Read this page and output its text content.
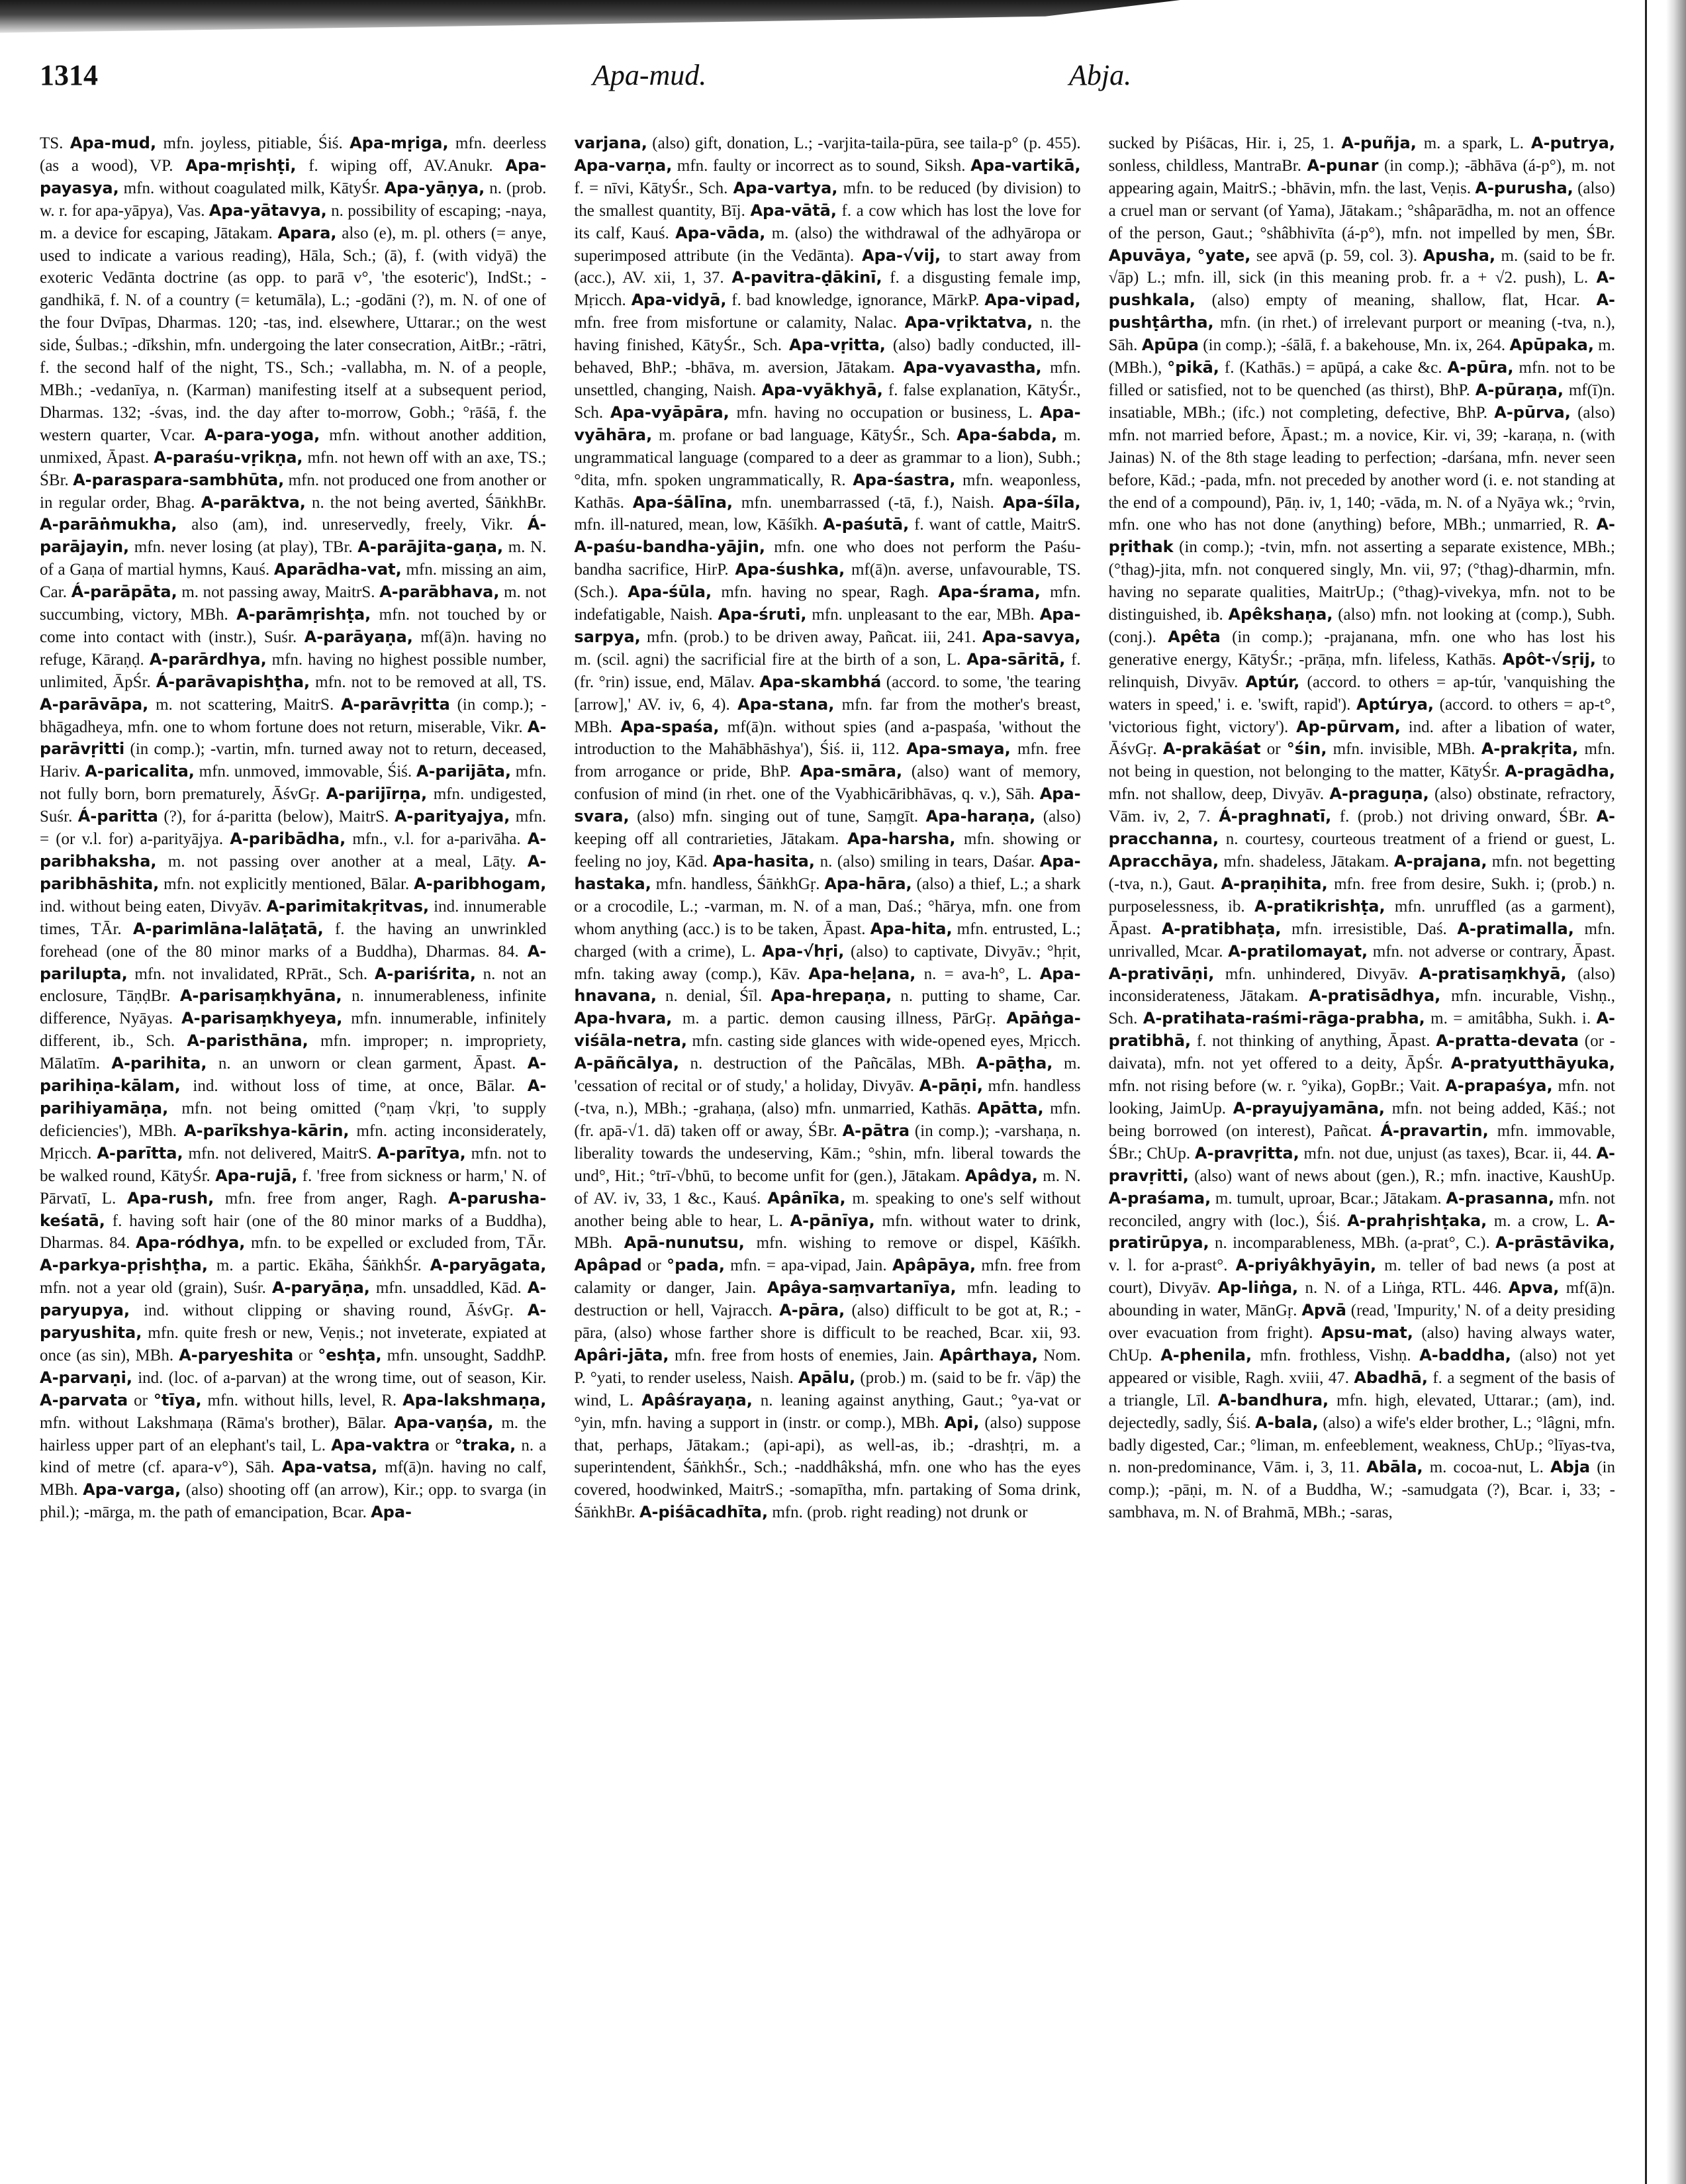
1314	Apa-mud.	Abja.
TS. Apa-mud, mfn. joyless, pitiable, Śiś. Apa-mṛiga, mfn. deerless (as a wood), VP. Apa-mṛishṭi, f. wiping off, AV.Anukr. Apa-payasya, mfn. without coagulated milk, KātyŚr. Apa-yāṇya, n. (prob. w. r. for apa-yāpya), Vas. Apa-yātavya, n. possibility of escaping; -naya, m. a device for escaping, Jātakam. Apara, also (e), m. pl. others (= anye, used to indicate a various reading), Hāla, Sch.; (ā), f. (with vidyā) the exoteric Vedānta doctrine (as opp. to parā v°, 'the esoteric'), IndSt.; -gandhikā, f. N. of a country (= ketumāla), L.; -godāni (?), m. N. of one of the four Dvīpas, Dharmas. 120; -tas, ind. elsewhere, Uttarar.; on the west side, Śulbas.; -dīkshin, mfn. undergoing the later consecration, AitBr.; -rātri, f. the second half of the night, TS., Sch.; -vallabha, m. N. of a people, MBh.; -vedanīya, n. (Karman) manifesting itself at a subsequent period, Dharmas. 132; -śvas, ind. the day after to-morrow, Gobh.; °rāśā, f. the western quarter, Vcar. A-para-yoga, mfn. without another addition, unmixed, Āpast. A-paraśu-vṛikṇa, mfn. not hewn off with an axe, TS.; ŚBr. A-paraspara-sambhūta, mfn. not produced one from another or in regular order, Bhag. A-parāktva, n. the not being averted, ŚāṅkhBr. A-parāṅmukha, also (am), ind. unreservedly, freely, Vikr. Á-parājayin, mfn. never losing (at play), TBr. A-parājita-gaṇa, m. N. of a Gaṇa of martial hymns, Kauś. Aparādha-vat, mfn. missing an aim, Car. Á-parāpāta, m. not passing away, MaitrS. A-parābhava, m. not succumbing, victory, MBh. A-parāmṛishṭa, mfn. not touched by or come into contact with (instr.), Suśr. A-parāyaṇa, mf(ā)n. having no refuge, Kāraṇḍ. A-parārdhya, mfn. having no highest possible number, unlimited, ĀpŚr. Á-parāvapishṭha, mfn. not to be removed at all, TS. A-parāvāpa, m. not scattering, MaitrS. A-parāvṛitta (in comp.); -bhāgadheya, mfn. one to whom fortune does not return, miserable, Vikr. A-parāvṛitti (in comp.); -vartin, mfn. turned away not to return, deceased, Hariv. A-paricalita, mfn. unmoved, immovable, Śiś. A-parijāta, mfn. not fully born, born prematurely, ĀśvGṛ. A-parijīrṇa, mfn. undigested, Suśr. Á-paritta (?), for á-paritta (below), MaitrS. A-parityajya, mfn. = (or v.l. for) a-parityājya. A-paribādha, mfn., v.l. for a-parivāha. A-paribhaksha, m. not passing over another at a meal, Lāṭy. A-paribhāshita, mfn. not explicitly mentioned, Bālar. A-paribhogam, ind. without being eaten, Divyāv. A-parimitakṛitvas, ind. innumerable times, TĀr. A-parimlāna-lalāṭatā, f. the having an unwrinkled forehead (one of the 80 minor marks of a Buddha), Dharmas. 84. A-parilupta, mfn. not invalidated, RPrāt., Sch. A-pariśrita, n. not an enclosure, TāṇḍBr. A-parisaṃkhyāna, n. innumerableness, infinite difference, Nyāyas. A-parisaṃkhyeya, mfn. innumerable, infinitely different, ib., Sch. A-paristhāna, mfn. improper; n. impropriety, Mālatīm. A-parihita, n. an unworn or clean garment, Āpast. A-parihiṇa-kālam, ind. without loss of time, at once, Bālar. A-parihiyamāṇa, mfn. not being omitted (°ṇaṃ √kṛi, 'to supply deficiencies'), MBh. A-parīkshya-kārin, mfn. acting inconsiderately, Mṛicch. A-parītta, mfn. not delivered, MaitrS. A-parītya, mfn. not to be walked round, KātyŚr. Apa-rujā, f. 'free from sickness or harm,' N. of Pārvatī, L. Apa-rush, mfn. free from anger, Ragh. A-parusha-keśatā, f. having soft hair (one of the 80 minor marks of a Buddha), Dharmas. 84. Apa-ródhya, mfn. to be expelled or excluded from, TĀr. A-parkya-pṛishṭha, m. a partic. Ekāha, ŚāṅkhŚr. A-paryāgata, mfn. not a year old (grain), Suśr. A-paryāṇa, mfn. unsaddled, Kād. A-paryupya, ind. without clipping or shaving round, ĀśvGṛ. A-paryushita, mfn. quite fresh or new, Veṇis.; not inveterate, expiated at once (as sin), MBh. A-paryeshita or °eshṭa, mfn. unsought, SaddhP. A-parvaṇi, ind. (loc. of a-parvan) at the wrong time, out of season, Kir. A-parvata or °tīya, mfn. without hills, level, R. Apa-lakshmaṇa, mfn. without Lakshmaṇa (Rāma's brother), Bālar. Apa-vaṇśa, m. the hairless upper part of an elephant's tail, L. Apa-vaktra or °traka, n. a kind of metre (cf. apara-v°), Sāh. Apa-vatsa, mf(ā)n. having no calf, MBh. Apa-varga, (also) shooting off (an arrow), Kir.; opp. to svarga (in phil.); -mārga, m. the path of emancipation, Bcar. Apa-
varjana, (also) gift, donation, L.; -varjita-taila-pūra, see taila-p° (p. 455). Apa-varṇa, mfn. faulty or incorrect as to sound, Siksh. Apa-vartikā, f. = nīvi, KātyŚr., Sch. Apa-vartya, mfn. to be reduced (by division) to the smallest quantity, Bīj. Apa-vātā, f. a cow which has lost the love for its calf, Kauś. Apa-vāda, m. (also) the withdrawal of the adhyāropa or superimposed attribute (in the Vedānta). Apa-√vij, to start away from (acc.), AV. xii, 1, 37. A-pavitra-ḍākinī, f. a disgusting female imp, Mṛicch. Apa-vidyā, f. bad knowledge, ignorance, MārkP. Apa-vipad, mfn. free from misfortune or calamity, Nalac. Apa-vṛiktatva, n. the having finished, KātyŚr., Sch. Apa-vṛitta, (also) badly conducted, ill-behaved, BhP.; -bhāva, m. aversion, Jātakam. Apa-vyavastha, mfn. unsettled, changing, Naish. Apa-vyākhyā, f. false explanation, KātyŚr., Sch. Apa-vyāpāra, mfn. having no occupation or business, L. Apa-vyāhāra, m. profane or bad language, KātyŚr., Sch. Apa-śabda, m. ungrammatical language (compared to a deer as grammar to a lion), Subh.; °dita, mfn. spoken ungrammatically, R. Apa-śastra, mfn. weaponless, Kathās. Apa-śālīna, mfn. unembarrassed (-tā, f.), Naish. Apa-śīla, mfn. ill-natured, mean, low, Kāśīkh. A-paśutā, f. want of cattle, MaitrS. A-paśu-bandha-yājin, mfn. one who does not perform the Paśu-bandha sacrifice, HirP. Apa-śushka, mf(ā)n. averse, unfavourable, TS. (Sch.). Apa-śūla, mfn. having no spear, Ragh. Apa-śrama, mfn. indefatigable, Naish. Apa-śruti, mfn. unpleasant to the ear, MBh. Apa-sarpya, mfn. (prob.) to be driven away, Pañcat. iii, 241. Apa-savya, m. (scil. agni) the sacrificial fire at the birth of a son, L. Apa-sāritā, f. (fr. °rin) issue, end, Mālav. Apa-skambhá (accord. to some, 'the tearing [arrow],' AV. iv, 6, 4). Apa-stana, mfn. far from the mother's breast, MBh. Apa-spaśa, mf(ā)n. without spies (and a-paspaśa, 'without the introduction to the Mahābhāshya'), Śiś. ii, 112. Apa-smaya, mfn. free from arrogance or pride, BhP. Apa-smāra, (also) want of memory, confusion of mind (in rhet. one of the Vyabhicāribhāvas, q. v.), Sāh. Apa-svara, (also) mfn. singing out of tune, Saṃgīt. Apa-haraṇa, (also) keeping off all contrarieties, Jātakam. Apa-harsha, mfn. showing or feeling no joy, Kād. Apa-hasita, n. (also) smiling in tears, Daśar. Apa-hastaka, mfn. handless, ŚāṅkhGṛ. Apa-hāra, (also) a thief, L.; a shark or a crocodile, L.; -varman, m. N. of a man, Daś.; °hārya, mfn. one from whom anything (acc.) is to be taken, Āpast. Apa-hita, mfn. entrusted, L.; charged (with a crime), L. Apa-√hṛi, (also) to captivate, Divyāv.; °hṛit, mfn. taking away (comp.), Kāv. Apa-heḷana, n. = ava-h°, L. Apa-hnavana, n. denial, Śīl. Apa-hrepaṇa, n. putting to shame, Car. Apa-hvara, m. a partic. demon causing illness, PārGṛ. Apāṅga-viśāla-netra, mfn. casting side glances with wide-opened eyes, Mṛicch. A-pāñcālya, n. destruction of the Pañcālas, MBh. A-pāṭha, m. 'cessation of recital or of study,' a holiday, Divyāv. A-pāṇi, mfn. handless (-tva, n.), MBh.; -grahaṇa, (also) mfn. unmarried, Kathās. Apātta, mfn. (fr. apā-√1. dā) taken off or away, ŚBr. A-pātra (in comp.); -varshaṇa, n. liberality towards the undeserving, Kām.; °shin, mfn. liberal towards the und°, Hit.; °trī-√bhū, to become unfit for (gen.), Jātakam. Apâdya, m. N. of AV. iv, 33, 1 &c., Kauś. Apânīka, m. speaking to one's self without another being able to hear, L. A-pānīya, mfn. without water to drink, MBh. Apā-nunutsu, mfn. wishing to remove or dispel, Kāśīkh. Apâpad or °pada, mfn. = apa-vipad, Jain. Apâpāya, mfn. free from calamity or danger, Jain. Apâya-saṃvartanīya, mfn. leading to destruction or hell, Vajracch. A-pāra, (also) difficult to be got at, R.; -pāra, (also) whose farther shore is difficult to be reached, Bcar. xii, 93. Apâri-jāta, mfn. free from hosts of enemies, Jain. Apârthaya, Nom. P. °yati, to render useless, Naish. Apālu, (prob.) m. (said to be fr. √āp) the wind, L. Apâśrayaṇa, n. leaning against anything, Gaut.; °ya-vat or °yin, mfn. having a support in (instr. or comp.), MBh. Api, (also) suppose that, perhaps, Jātakam.; (api-api), as well-as, ib.; -drashṭri, m. a superintendent, ŚāṅkhŚr., Sch.; -naddhâkshá, mfn. one who has the eyes covered, hoodwinked, MaitrS.; -somapītha, mfn. partaking of Soma drink, ŚāṅkhBr. A-piśācadhīta, mfn. (prob. right reading) not drunk or
sucked by Piśācas, Hir. i, 25, 1. A-puñja, m. a spark, L. A-putrya, sonless, childless, MantraBr. A-punar (in comp.); -ābhāva (á-p°), m. not appearing again, MaitrS.; -bhāvin, mfn. the last, Veṇis. A-purusha, (also) a cruel man or servant (of Yama), Jātakam.; °shâparādha, m. not an offence of the person, Gaut.; °shâbhivīta (á-p°), mfn. not impelled by men, ŚBr. Apuvāya, °yate, see apvā (p. 59, col. 3). Apusha, m. (said to be fr. √āp) L.; mfn. ill, sick (in this meaning prob. fr. a + √2. push), L. A-pushkala, (also) empty of meaning, shallow, flat, Hcar. A-pushṭârtha, mfn. (in rhet.) of irrelevant purport or meaning (-tva, n.), Sāh. Apūpa (in comp.); -śālā, f. a bakehouse, Mn. ix, 264. Apūpaka, m. (MBh.), °pikā, f. (Kathās.) = apūpá, a cake &c. A-pūra, mfn. not to be filled or satisfied, not to be quenched (as thirst), BhP. A-pūraṇa, mf(ī)n. insatiable, MBh.; (ifc.) not completing, defective, BhP. A-pūrva, (also) mfn. not married before, Āpast.; m. a novice, Kir. vi, 39; -karaṇa, n. (with Jainas) N. of the 8th stage leading to perfection; -darśana, mfn. never seen before, Kād.; -pada, mfn. not preceded by another word (i. e. not standing at the end of a compound), Pāṇ. iv, 1, 140; -vāda, m. N. of a Nyāya wk.; °rvin, mfn. one who has not done (anything) before, MBh.; unmarried, R. A-pṛithak (in comp.); -tvin, mfn. not asserting a separate existence, MBh.; (°thag)-jita, mfn. not conquered singly, Mn. vii, 97; (°thag)-dharmin, mfn. having no separate qualities, MaitrUp.; (°thag)-vivekya, mfn. not to be distinguished, ib. Apêkshaṇa, (also) mfn. not looking at (comp.), Subh. (conj.). Apêta (in comp.); -prajanana, mfn. one who has lost his generative energy, KātyŚr.; -prāṇa, mfn. lifeless, Kathās. Apôt-√sṛij, to relinquish, Divyāv. Aptúr, (accord. to others = ap-túr, 'vanquishing the waters in speed,' i. e. 'swift, rapid'). Aptúrya, (accord. to others = ap-t°, 'victorious fight, victory'). Ap-pūrvam, ind. after a libation of water, ĀśvGṛ. A-prakāśat or °śin, mfn. invisible, MBh. A-prakṛita, mfn. not being in question, not belonging to the matter, KātyŚr. A-pragādha, mfn. not shallow, deep, Divyāv. A-praguṇa, (also) obstinate, refractory, Vām. iv, 2, 7. Á-praghnatī, f. (prob.) not driving onward, ŚBr. A-pracchanna, n. courtesy, courteous treatment of a friend or guest, L. Apracchāya, mfn. shadeless, Jātakam. A-prajana, mfn. not begetting (-tva, n.), Gaut. A-praṇihita, mfn. free from desire, Sukh. i; (prob.) n. purposelessness, ib. A-pratikrishṭa, mfn. unruffled (as a garment), Āpast. A-pratibhaṭa, mfn. irresistible, Daś. A-pratimalla, mfn. unrivalled, Mcar. A-pratilomayat, mfn. not adverse or contrary, Āpast. A-prativāṇi, mfn. unhindered, Divyāv. A-pratisaṃkhyā, (also) inconsiderateness, Jātakam. A-pratisādhya, mfn. incurable, Vishṇ., Sch. A-pratihata-raśmi-rāga-prabha, m. = amitâbha, Sukh. i. A-pratibhā, f. not thinking of anything, Āpast. A-pratta-devata (or -daivata), mfn. not yet offered to a deity, ĀpŚr. A-pratyutthāyuka, mfn. not rising before (w. r. °yika), GopBr.; Vait. A-prapaśya, mfn. not looking, JaimUp. A-prayujyamāna, mfn. not being added, Kāś.; not being borrowed (on interest), Pañcat. Á-pravartin, mfn. immovable, ŚBr.; ChUp. A-pravṛitta, mfn. not due, unjust (as taxes), Bcar. ii, 44. A-pravṛitti, (also) want of news about (gen.), R.; mfn. inactive, KaushUp. A-praśama, m. tumult, uproar, Bcar.; Jātakam. A-prasanna, mfn. not reconciled, angry with (loc.), Śiś. A-prahṛishṭaka, m. a crow, L. A-pratirūpya, n. incomparableness, MBh. (a-prat°, C.). A-prāstāvika, v. l. for a-prast°. A-priyâkhyāyin, m. teller of bad news (a post at court), Divyāv. Ap-liṅga, n. N. of a Liṅga, RTL. 446. Apva, mf(ā)n. abounding in water, MānGṛ. Apvā (read, 'Impurity,' N. of a deity presiding over evacuation from fright). Apsu-mat, (also) having always water, ChUp. A-phenila, mfn. frothless, Vishṇ. A-baddha, (also) not yet appeared or visible, Ragh. xviii, 47. Abadhā, f. a segment of the basis of a triangle, Līl. A-bandhura, mfn. high, elevated, Uttarar.; (am), ind. dejectedly, sadly, Śiś. A-bala, (also) a wife's elder brother, L.; °lâgni, mfn. badly digested, Car.; °liman, m. enfeeblement, weakness, ChUp.; °līyas-tva, n. non-predominance, Vām. i, 3, 11. Abāla, m. cocoa-nut, L. Abja (in comp.); -pāṇi, m. N. of a Buddha, W.; -samudgata (?), Bcar. i, 33; -sambhava, m. N. of Brahmā, MBh.; -saras,
